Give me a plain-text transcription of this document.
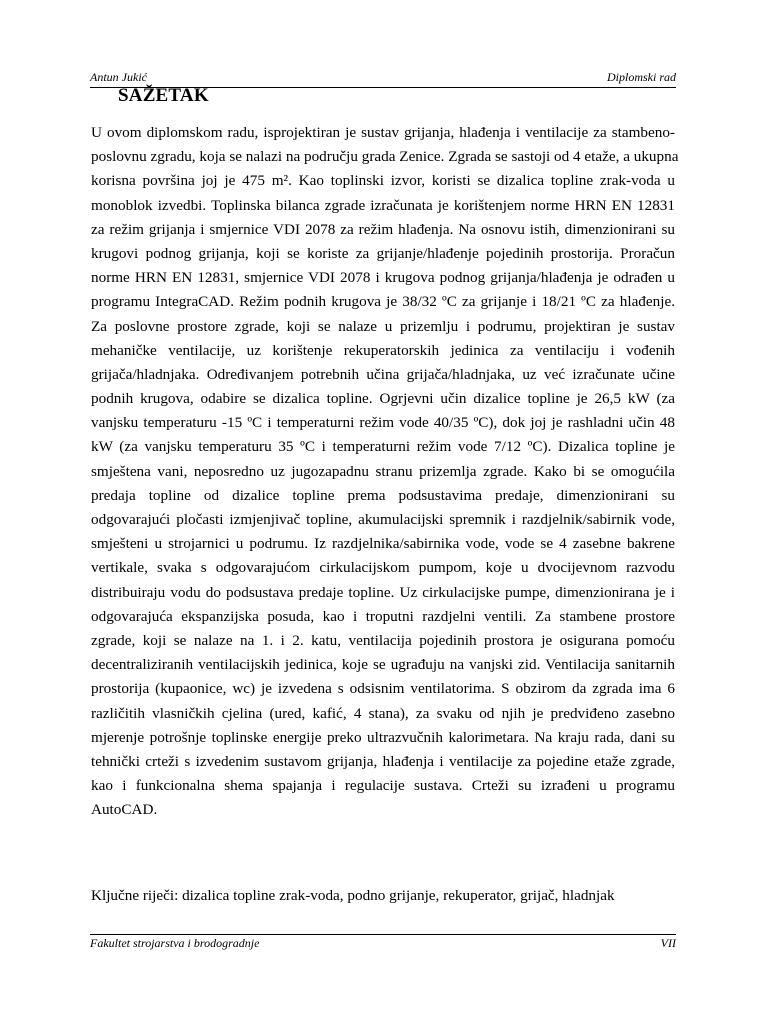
Antun Jukić	Diplomski rad
SAŽETAK
U ovom diplomskom radu, isprojektiran je sustav grijanja, hlađenja i ventilacije za stambeno-
poslovnu zgradu, koja se nalazi na području grada Zenice. Zgrada se sastoji od 4 etaže, a ukupna
korisna površina joj je 475 m². Kao toplinski izvor, koristi se dizalica topline zrak-voda u
monoblok izvedbi. Toplinska bilanca zgrade izračunata je korištenjem norme HRN EN 12831
za režim grijanja i smjernice VDI 2078 za režim hlađenja. Na osnovu istih, dimenzionirani su
krugovi podnog grijanja, koji se koriste za grijanje/hlađenje pojedinih prostorija. Proračun
norme HRN EN 12831, smjernice VDI 2078 i krugova podnog grijanja/hlađenja je odrađen u
programu IntegraCAD. Režim podnih krugova je 38/32 ºC za grijanje i 18/21 ºC za hlađenje.
Za poslovne prostore zgrade, koji se nalaze u prizemlju i podrumu, projektiran je sustav
mehaničke ventilacije, uz korištenje rekuperatorskih jedinica za ventilaciju i vođenih
grijača/hladnjaka. Određivanjem potrebnih učina grijača/hladnjaka, uz već izračunate učine
podnih krugova, odabire se dizalica topline. Ogrjevni učin dizalice topline je 26,5 kW (za
vanjsku temperaturu -15 ºC i temperaturni režim vode 40/35 ºC), dok joj je rashladni učin 48
kW (za vanjsku temperaturu 35 ºC i temperaturni režim vode 7/12 ºC). Dizalica topline je
smještena vani, neposredno uz jugozapadnu stranu prizemlja zgrade. Kako bi se omogućila
predaja topline od dizalice topline prema podsustavima predaje, dimenzionirani su
odgovarajući pločasti izmjenjivač topline, akumulacijski spremnik i razdjelnik/sabirnik vode,
smješteni u strojarnici u podrumu. Iz razdjelnika/sabirnika vode, vode se 4 zasebne bakrene
vertikale, svaka s odgovarajućom cirkulacijskom pumpom, koje u dvocijevnom razvodu
distribuiraju vodu do podsustava predaje topline. Uz cirkulacijske pumpe, dimenzionirana je i
odgovarajuća ekspanzijska posuda, kao i troputni razdjelni ventili. Za stambene prostore
zgrade, koji se nalaze na 1. i 2. katu, ventilacija pojedinih prostora je osigurana pomoću
decentraliziranih ventilacijskih jedinica, koje se ugrađuju na vanjski zid. Ventilacija sanitarnih
prostorija (kupaonice, wc) je izvedena s odsisnim ventilatorima. S obzirom da zgrada ima 6
različitih vlasničkih cjelina (ured, kafić, 4 stana), za svaku od njih je predviđeno zasebno
mjerenje potrošnje toplinske energije preko ultrazvučnih kalorimetara. Na kraju rada, dani su
tehnički crteži s izvedenim sustavom grijanja, hlađenja i ventilacije za pojedine etaže zgrade,
kao i funkcionalna shema spajanja i regulacije sustava. Crteži su izrađeni u programu
AutoCAD.
Ključne riječi: dizalica topline zrak-voda, podno grijanje, rekuperator, grijač, hladnjak
Fakultet strojarstva i brodogradnje	VII
